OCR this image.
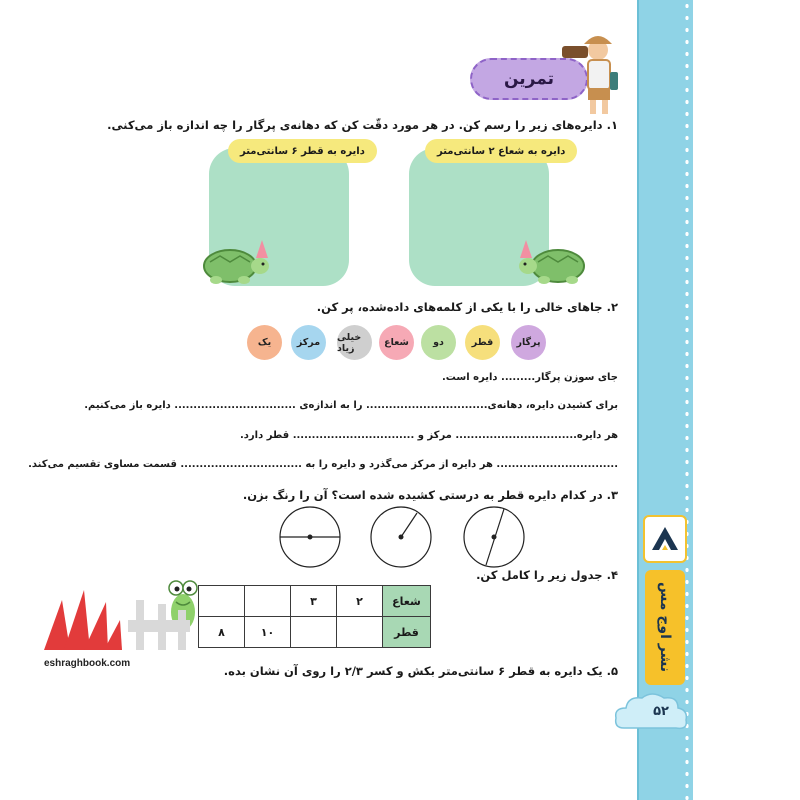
نشر اوج مس
۵۲
تمرین
۱. دایره‌های زیر را رسم کن. در هر مورد دقّت کن که دهانه‌ی پرگار را چه اندازه باز می‌کنی.
دایره به شعاع ۲ سانتی‌متر
دایره به قطر ۶ سانتی‌متر
۲. جاهای خالی را با یکی از کلمه‌های داده‌شده، پر کن.
پرگار
قطر
دو
شعاع
خیلی زیاد
مرکز
یک
جای سوزن پرگار......... دایره است.
برای کشیدن دایره، دهانه‌ی................................ را به اندازه‌ی ................................ دایره باز می‌کنیم.
هر دایره................................ مرکز و ................................ قطر دارد.
................................ هر دایره از مرکز می‌گذرد و دایره را به ................................ قسمت مساوی تقسیم می‌کند.
۳. در کدام دایره قطر به درستی کشیده شده است؟ آن را رنگ بزن.
۴. جدول زیر را کامل کن.
		۳	۲	شعاع
۸	۱۰			قطر
eshraghbook.com
۵. یک دایره به قطر ۶ سانتی‌متر بکش و کسر ۲/۳ را روی آن نشان بده.
